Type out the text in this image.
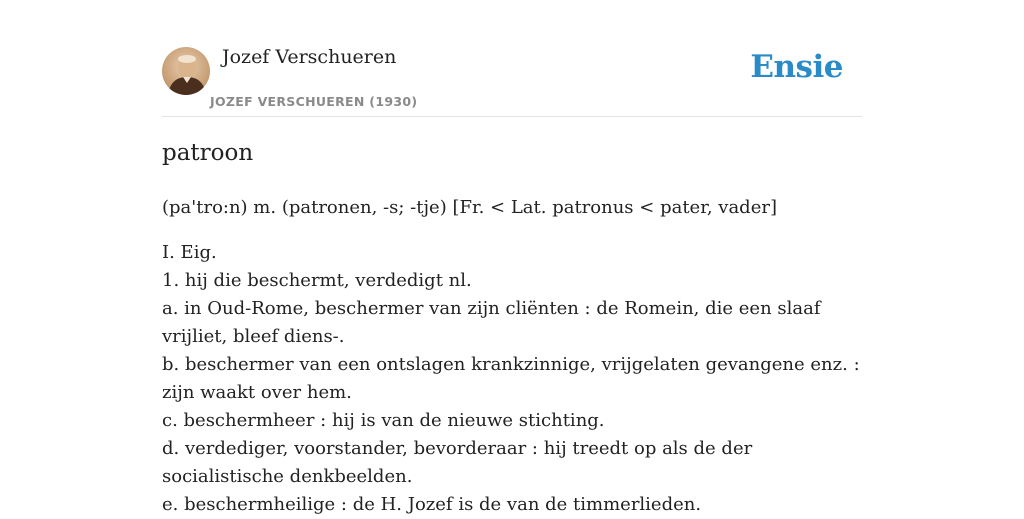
Jozef Verschueren
JOZEF VERSCHUEREN (1930)
Ensie
patroon
(pa'tro:n) m. (patronen, -s; -tje) [Fr. < Lat. patronus < pater, vader]
I. Eig.
1. hij die beschermt, verdedigt nl.
a. in Oud-Rome, beschermer van zijn cliënten : de Romein, die een slaaf vrijliet, bleef diens-.
b. beschermer van een ontslagen krankzinnige, vrijgelaten gevangene enz. : zijn waakt over hem.
c. beschermheer : hij is van de nieuwe stichting.
d. verdediger, voorstander, bevorderaar : hij treedt op als de der socialistische denkbeelden.
e. beschermheilige : de H. Jozef is de van de timmerlieden.
